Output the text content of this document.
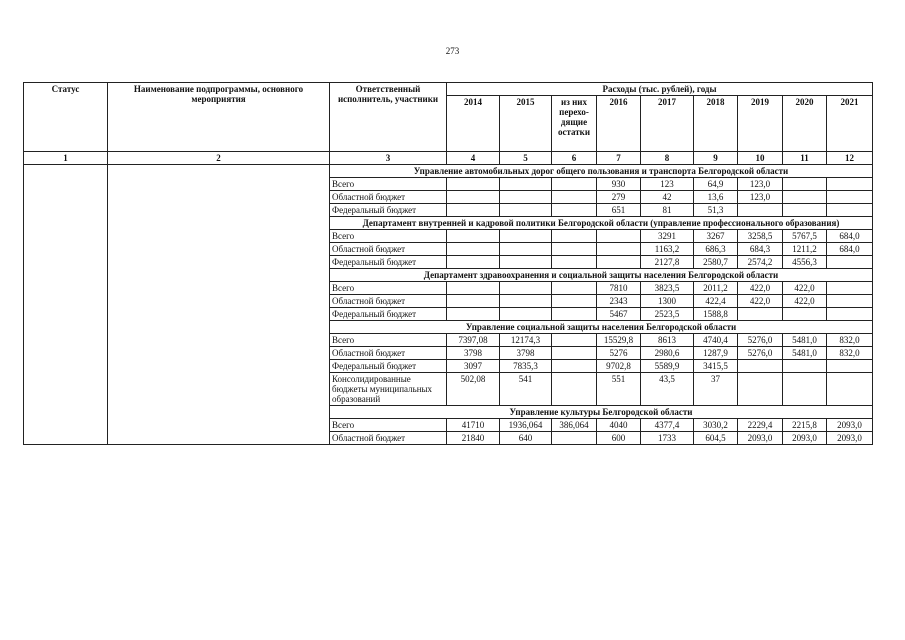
273
Статус	Наименование подпрограммы, основного мероприятия	Ответственный исполнитель, участники	Расходы (тыс. рублей), годы								
			2014	2015	из них перехо- дящие остатки	2016	2017	2018	2019	2020	2021
1	2	3	4	5	6	7	8	9	10	11	12
		Управление автомобильных дорог общего пользования и транспорта Белгородской области									
		Всего				930	123	64,9	123,0		
		Областной бюджет				279	42	13,6	123,0		
		Федеральный бюджет				651	81	51,3			
		Департамент внутренней и кадровой политики Белгородской области (управление профессионального образования)									
		Всего					3291	3267	3258,5	5767,5	684,0
		Областной бюджет					1163,2	686,3	684,3	1211,2	684,0
		Федеральный бюджет					2127,8	2580,7	2574,2	4556,3	
		Департамент здравоохранения и социальной защиты населения Белгородской области									
		Всего				7810	3823,5	2011,2	422,0	422,0	
		Областной бюджет				2343	1300	422,4	422,0	422,0	
		Федеральный бюджет				5467	2523,5	1588,8			
		Управление социальной защиты населения Белгородской области									
		Всего	7397,08	12174,3		15529,8	8613	4740,4	5276,0	5481,0	832,0
		Областной бюджет	3798	3798		5276	2980,6	1287,9	5276,0	5481,0	832,0
		Федеральный бюджет	3097	7835,3		9702,8	5589,9	3415,5			
		Консолидированные бюджеты муниципальных образований	502,08	541		551	43,5	37			
		Управление культуры Белгородской области									
		Всего	41710	1936,064	386,064	4040	4377,4	3030,2	2229,4	2215,8	2093,0
		Областной бюджет	21840	640		600	1733	604,5	2093,0	2093,0	2093,0
